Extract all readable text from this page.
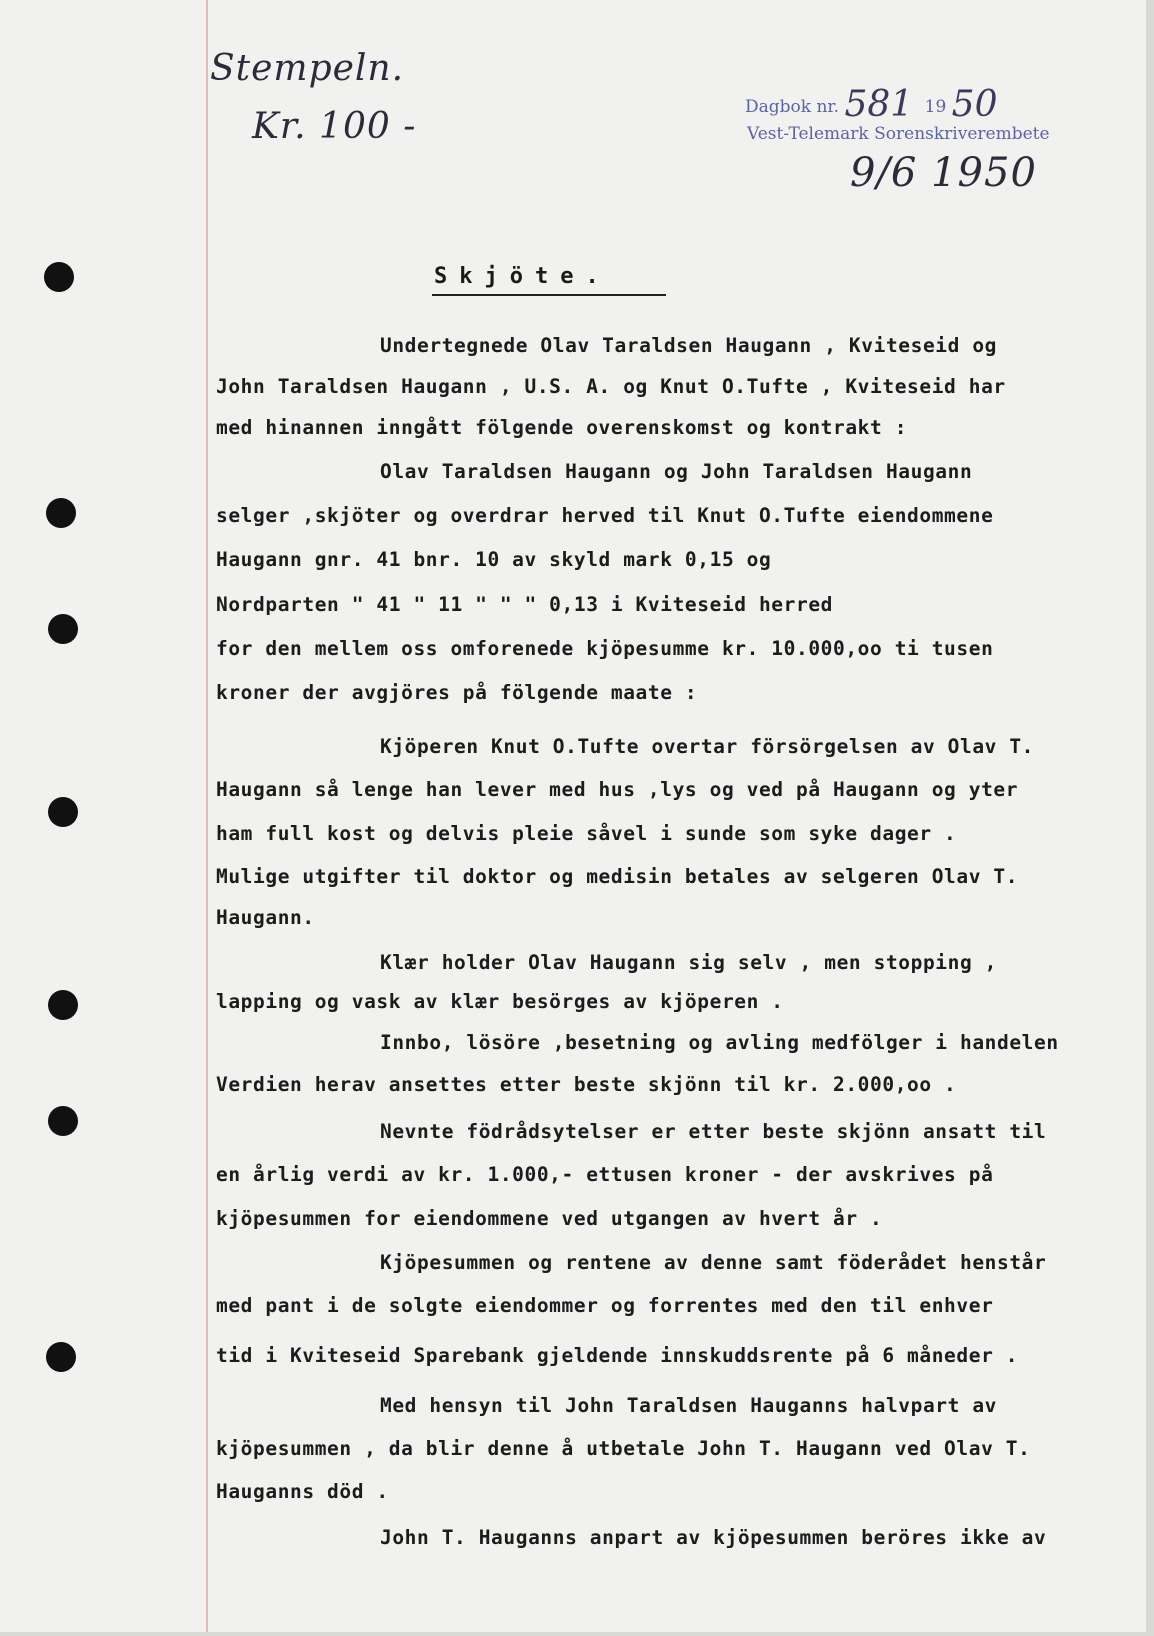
Stempeln.
Kr. 100 -	Dagbok nr. 581 19 50
Vest-Telemark Sorenskriverembete
9/6 1950
Skjöte.
Undertegnede Olav Taraldsen Haugann , Kviteseid og
John Taraldsen Haugann , U.S. A. og Knut O.Tufte , Kviteseid har
med hinannen inngått fölgende overenskomst og kontrakt :
Olav Taraldsen Haugann og John Taraldsen Haugann
selger ,skjöter og overdrar herved til Knut O.Tufte eiendommene
Haugann gnr. 41 bnr. 10 av skyld mark 0,15 og
Nordparten " 41 " 11 " " " 0,13 i Kviteseid herred
for den mellem oss omforenede kjöpesumme kr. 10.000,oo ti tusen
kroner der avgjöres på fölgende maate :
Kjöperen Knut O.Tufte overtar förs​örgelsen av Olav T.
Haugann så lenge han lever med hus ,lys og ved på Haugann og yter
ham full kost og delvis pleie såvel i sunde som syke dager .
Mulige utgifter til doktor og medisin betales av selgeren Olav T.
Haugann.
Klær holder Olav Haugann sig selv , men stopping ,
lapping og vask av klær besörges av kjöperen .
Innbo, lösöre ,besetning og avling medfölger i handelen
Verdien herav ansettes etter beste skjönn til kr. 2.000,oo .
Nevnte födrådsytelser er etter beste skjönn ansatt til
en årlig verdi av kr. 1.000,- ettusen kroner - der avskrives på
kjöpesummen for eiendommene ved utgangen av hvert år .
Kjöpesummen og rentene av denne samt föderådet henstår
med pant i de solgte eiendommer og forrentes med den til enhver
tid i Kviteseid Sparebank gjeldende innskuddsrente på 6 måneder .
Med hensyn til John Taraldsen Haugann​s halvpart av
kjöpesummen , da blir denne å utbetale John T. Haugann ved Olav T.
Hauganns död .
John T. Hauganns anpart av kjöpesummen beröres ikke av
